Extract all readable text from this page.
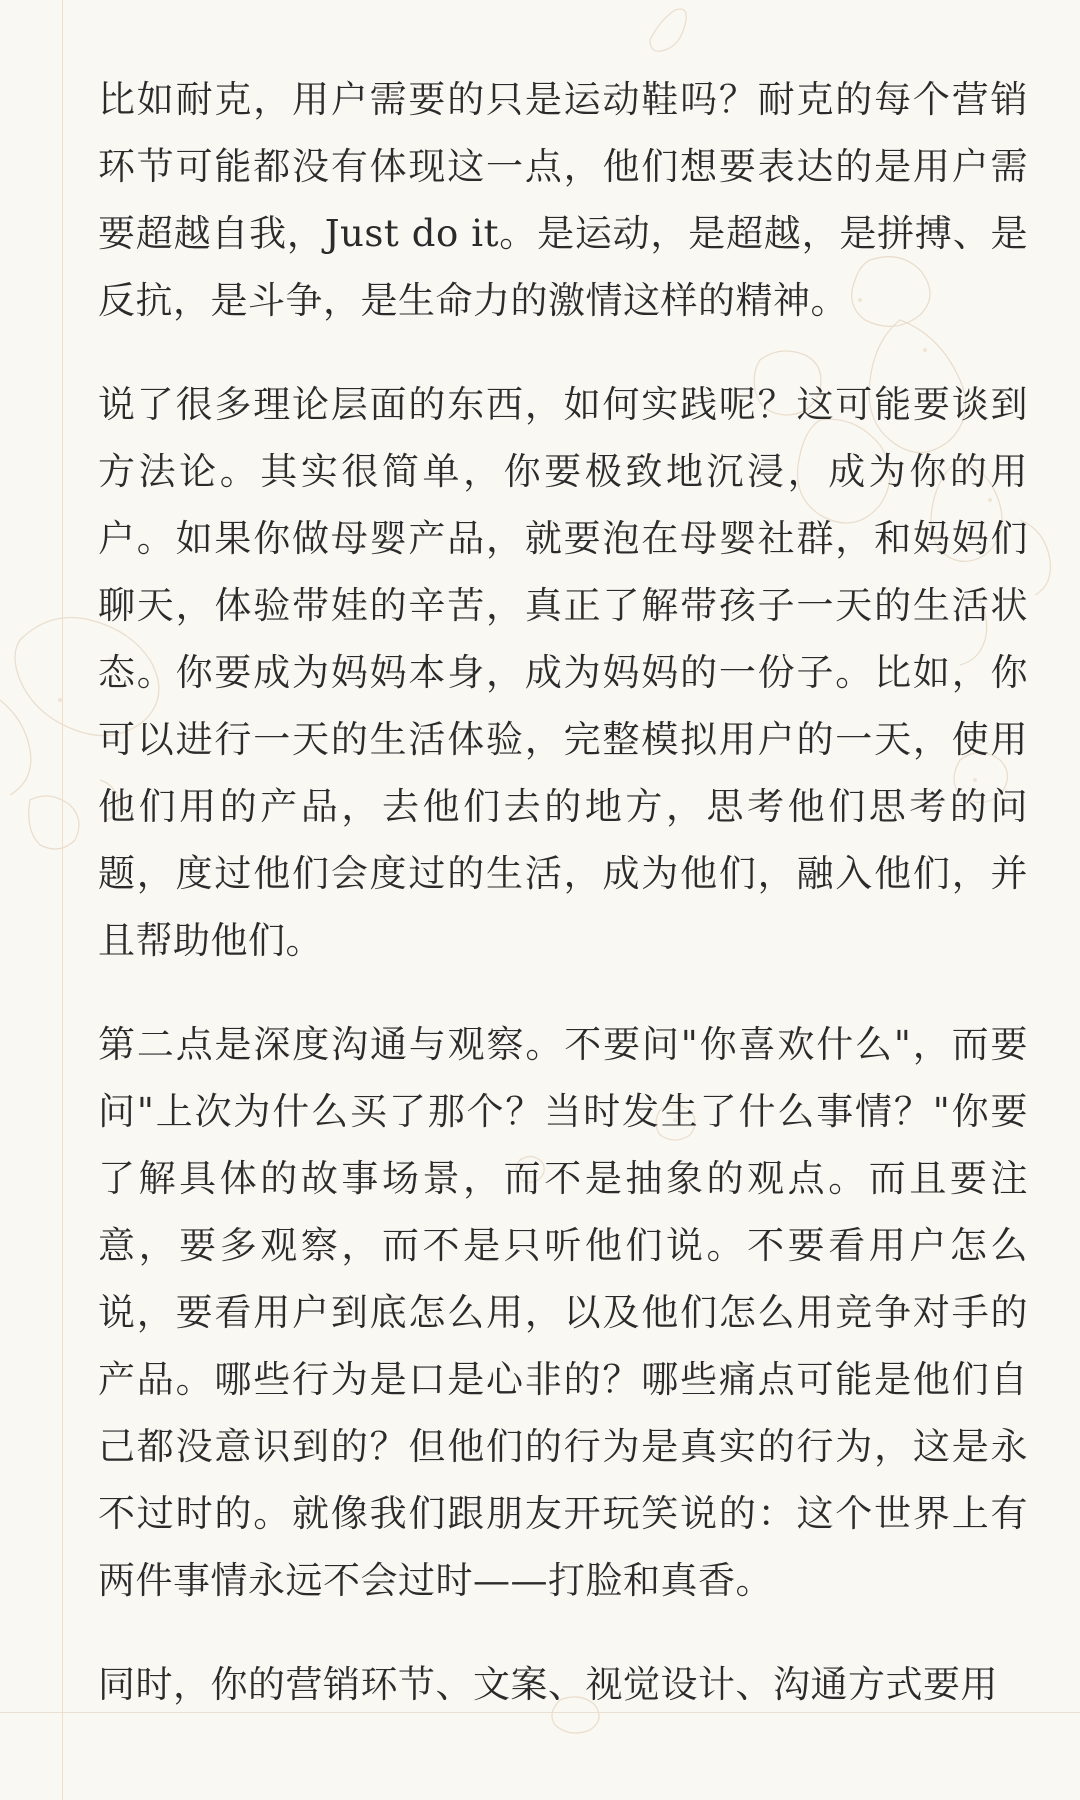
比如耐克，用户需要的只是运动鞋吗？耐克的每个营销环节可能都没有体现这一点，他们想要表达的是用户需要超越自我，Just do it。是运动，是超越，是拼搏、是反抗，是斗争，是生命力的激情这样的精神。

说了很多理论层面的东西，如何实践呢？这可能要谈到方法论。其实很简单，你要极致地沉浸，成为你的用户。如果你做母婴产品，就要泡在母婴社群，和妈妈们聊天，体验带娃的辛苦，真正了解带孩子一天的生活状态。你要成为妈妈本身，成为妈妈的一份子。比如，你可以进行一天的生活体验，完整模拟用户的一天，使用他们用的产品，去他们去的地方，思考他们思考的问题，度过他们会度过的生活，成为他们，融入他们，并且帮助他们。

第二点是深度沟通与观察。不要问"你喜欢什么"，而要问"上次为什么买了那个？当时发生了什么事情？"你要了解具体的故事场景，而不是抽象的观点。而且要注意，要多观察，而不是只听他们说。不要看用户怎么说，要看用户到底怎么用，以及他们怎么用竞争对手的产品。哪些行为是口是心非的？哪些痛点可能是他们自己都没意识到的？但他们的行为是真实的行为，这是永不过时的。就像我们跟朋友开玩笑说的：这个世界上有两件事情永远不会过时——打脸和真香。

同时，你的营销环节、文案、视觉设计、沟通方式要用
